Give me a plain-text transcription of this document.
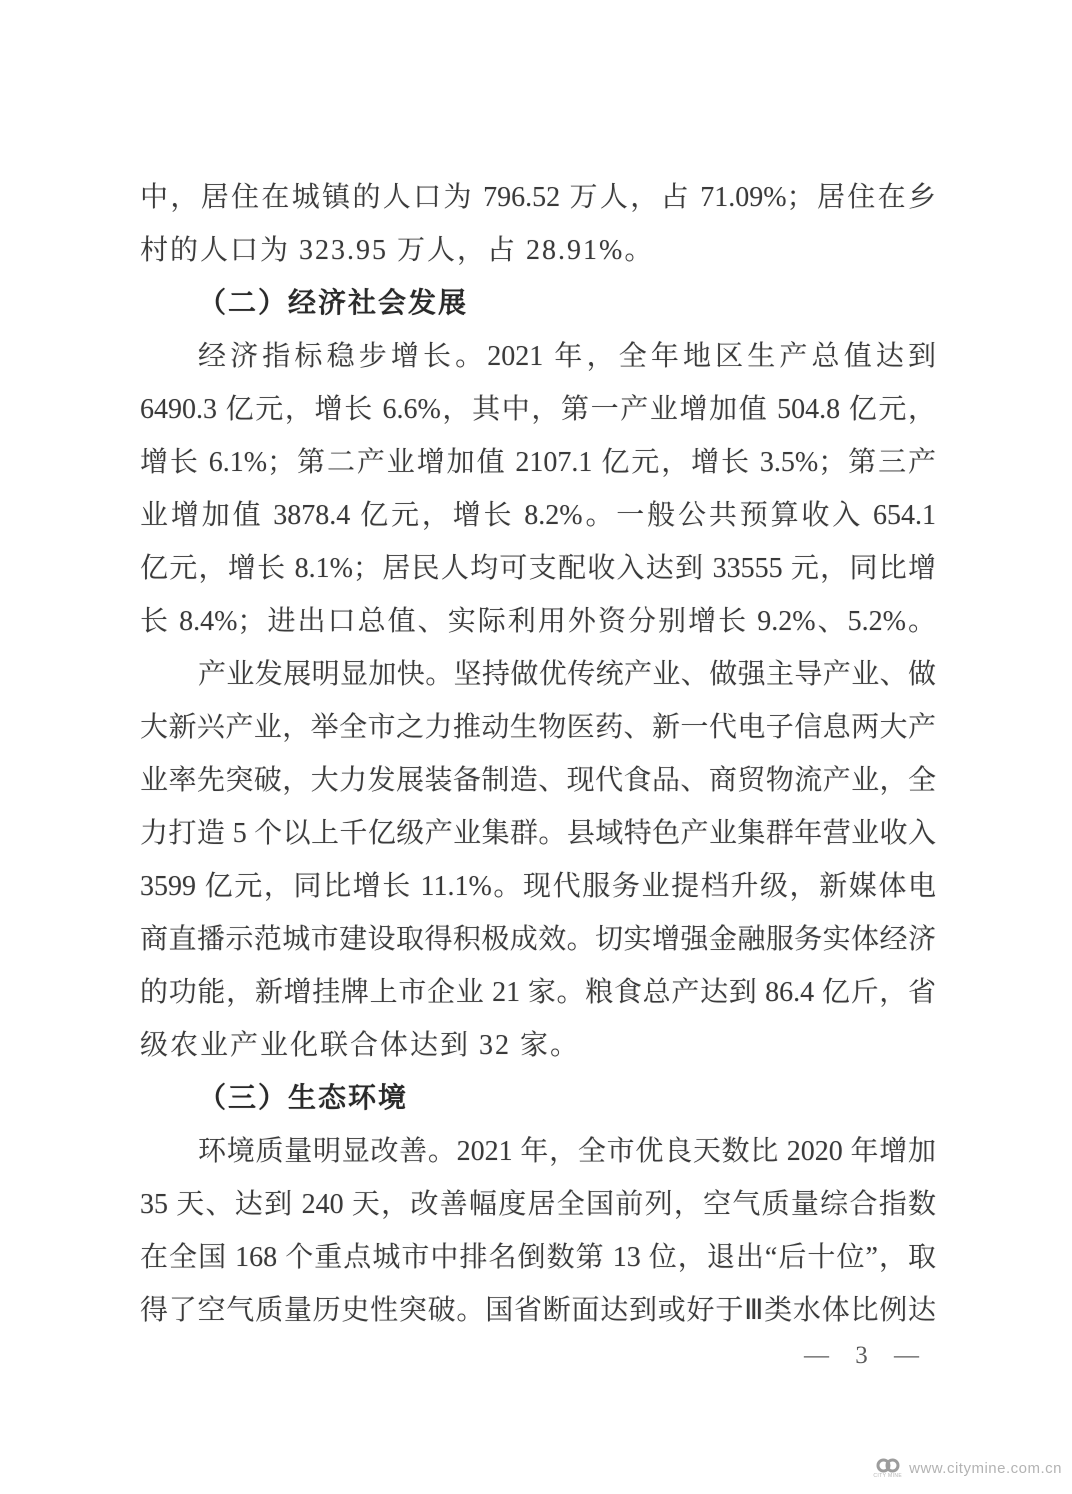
中，居住在城镇的人口为 796.52 万人，占 71.09%；居住在乡
村的人口为 323.95 万人，占 28.91%。
（二）经济社会发展
经济指标稳步增长。2021 年，全年地区生产总值达到
6490.3 亿元，增长 6.6%，其中，第一产业增加值 504.8 亿元，
增长 6.1%；第二产业增加值 2107.1 亿元，增长 3.5%；第三产
业增加值 3878.4 亿元，增长 8.2%。一般公共预算收入 654.1
亿元，增长 8.1%；居民人均可支配收入达到 33555 元，同比增
长 8.4%；进出口总值、实际利用外资分别增长 9.2%、5.2%。
产业发展明显加快。坚持做优传统产业、做强主导产业、做
大新兴产业，举全市之力推动生物医药、新一代电子信息两大产
业率先突破，大力发展装备制造、现代食品、商贸物流产业，全
力打造 5 个以上千亿级产业集群。县域特色产业集群年营业收入
3599 亿元，同比增长 11.1%。现代服务业提档升级，新媒体电
商直播示范城市建设取得积极成效。切实增强金融服务实体经济
的功能，新增挂牌上市企业 21 家。粮食总产达到 86.4 亿斤，省
级农业产业化联合体达到 32 家。
（三）生态环境
环境质量明显改善。2021 年，全市优良天数比 2020 年增加
35 天、达到 240 天，改善幅度居全国前列，空气质量综合指数
在全国 168 个重点城市中排名倒数第 13 位，退出“后十位”，取
得了空气质量历史性突破。国省断面达到或好于Ⅲ类水体比例达
— 3 —
CITY MINE www.citymine.com.cn
